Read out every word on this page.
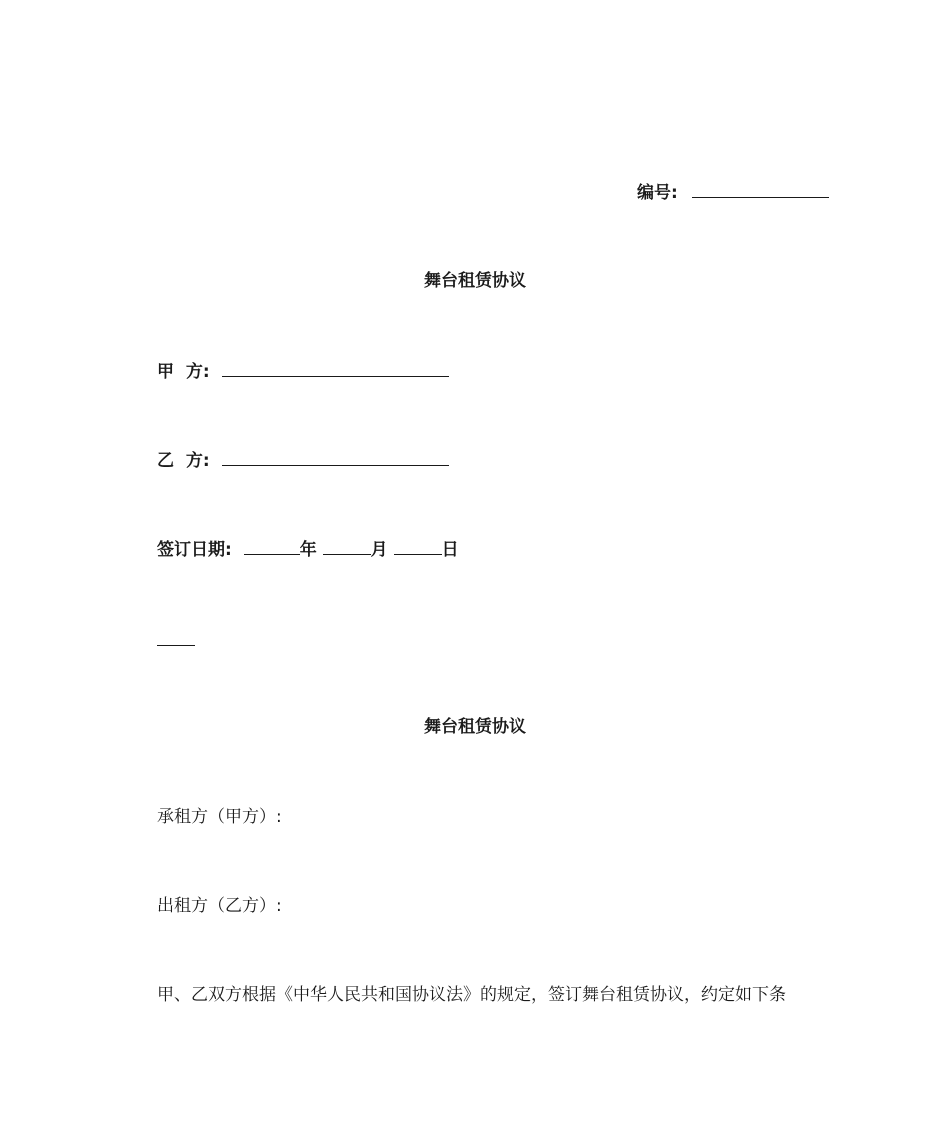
编号:
舞台租赁协议
甲  方:
乙  方:
签订日期:	年	月	日
舞台租赁协议
承租方（甲方）:
出租方（乙方）:
甲、乙双方根据《中华人民共和国协议法》的规定，签订舞台租赁协议，约定如下条
